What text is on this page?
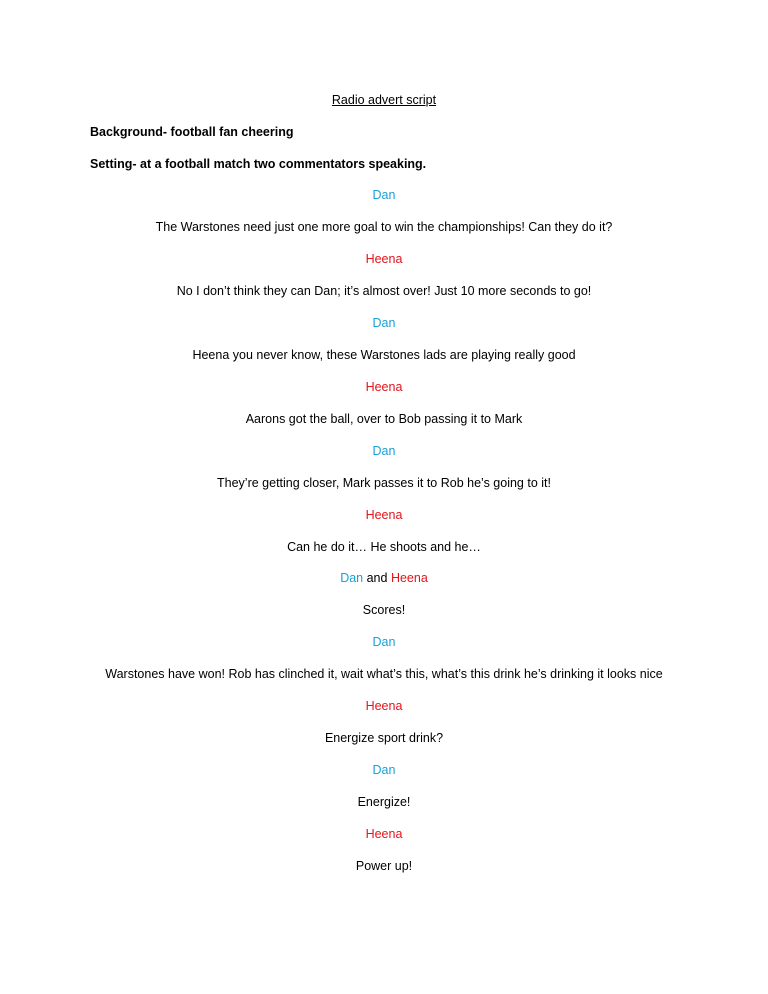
Radio advert script
Background- football fan cheering
Setting- at a football match two commentators speaking.
Dan
The Warstones need just one more goal to win the championships! Can they do it?
Heena
No I don’t think they can Dan; it’s almost over! Just 10 more seconds to go!
Dan
Heena you never know, these Warstones lads are playing really good
Heena
Aarons got the ball, over to Bob passing it to Mark
Dan
They’re getting closer, Mark passes it to Rob he’s going to it!
Heena
Can he do it… He shoots and he…
Dan and Heena
Scores!
Dan
Warstones have won! Rob has clinched it, wait what’s this, what’s this drink he’s drinking it looks nice
Heena
Energize sport drink?
Dan
Energize!
Heena
Power up!
